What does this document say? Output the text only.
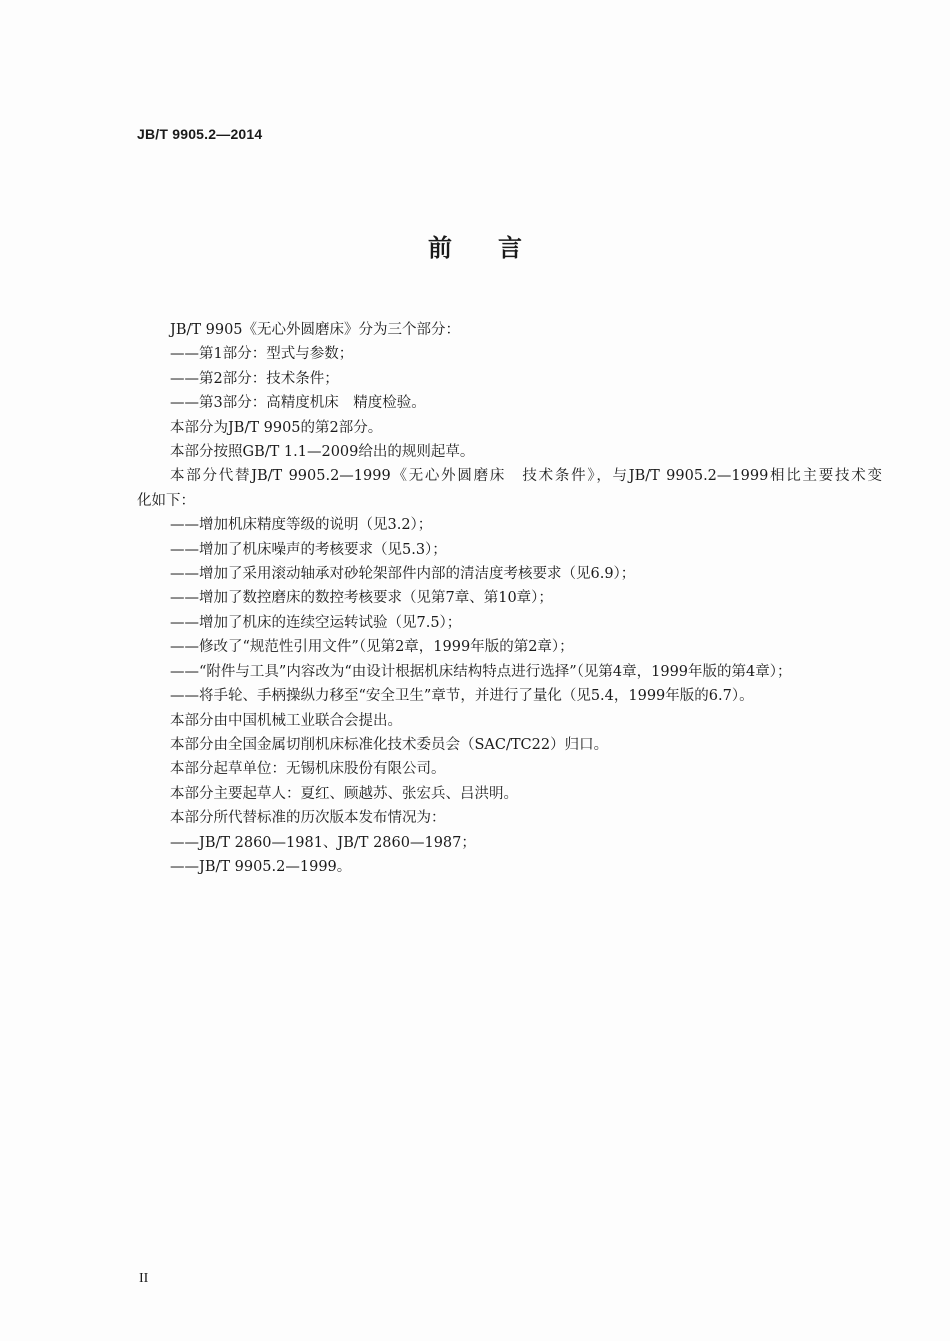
JB/T 9905.2—2014
前言
JB/T 9905《无心外圆磨床》分为三个部分：
——第1部分：型式与参数；
——第2部分：技术条件；
——第3部分：高精度机床　精度检验。
本部分为JB/T 9905的第2部分。
本部分按照GB/T 1.1—2009给出的规则起草。
本部分代替JB/T 9905.2—1999《无心外圆磨床　技术条件》，与JB/T 9905.2—1999相比主要技术变
化如下：
——增加机床精度等级的说明（见3.2）；
——增加了机床噪声的考核要求（见5.3）；
——增加了采用滚动轴承对砂轮架部件内部的清洁度考核要求（见6.9）；
——增加了数控磨床的数控考核要求（见第7章、第10章）；
——增加了机床的连续空运转试验（见7.5）；
——修改了“规范性引用文件”（见第2章，1999年版的第2章）；
——“附件与工具”内容改为“由设计根据机床结构特点进行选择”（见第4章，1999年版的第4章）；
——将手轮、手柄操纵力移至“安全卫生”章节，并进行了量化（见5.4，1999年版的6.7）。
本部分由中国机械工业联合会提出。
本部分由全国金属切削机床标准化技术委员会（SAC/TC22）归口。
本部分起草单位：无锡机床股份有限公司。
本部分主要起草人：夏红、顾越苏、张宏兵、吕洪明。
本部分所代替标准的历次版本发布情况为：
——JB/T 2860—1981、JB/T 2860—1987；
——JB/T 9905.2—1999。
II
